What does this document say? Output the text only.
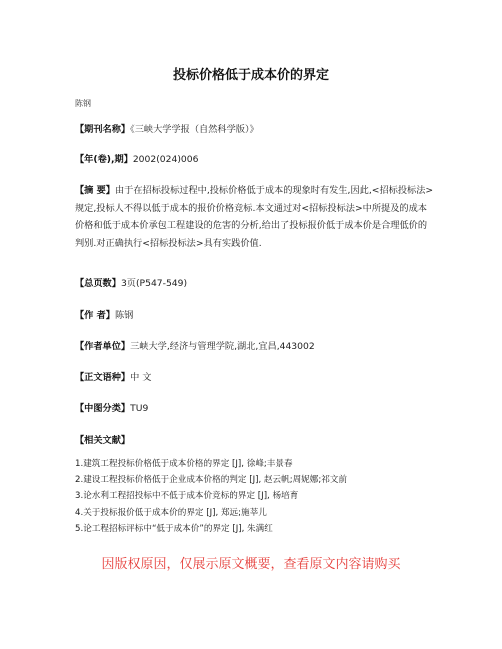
投标价格低于成本价的界定
陈钢
【期刊名称】《三峡大学学报（自然科学版）》
【年(卷),期】2002(024)006
【摘 要】由于在招标投标过程中,投标价格低于成本的现象时有发生,因此,<招标投标法>规定,投标人不得以低于成本的报价价格竞标.本文通过对<招标投标法>中所提及的成本价格和低于成本价承包工程建设的危害的分析,给出了投标报价低于成本价是合理低价的判别.对正确执行<招标投标法>具有实践价值.
【总页数】3页(P547-549)
【作 者】陈钢
【作者单位】三峡大学,经济与管理学院,湖北,宜昌,443002
【正文语种】中 文
【中图分类】TU9
【相关文献】
1.建筑工程投标价格低于成本价格的界定 [J], 徐峰;丰景春
2.建设工程投标价格低于企业成本价格的判定 [J], 赵云帆;周妮娜;祁文前
3.论水利工程招投标中不低于成本价竞标的界定 [J], 杨培育
4.关于投标报价低于成本价的界定 [J], 郑远;施莘儿
5.论工程招标评标中“低于成本价”的界定 [J], 朱满红
因版权原因，仅展示原文概要，查看原文内容请购买
